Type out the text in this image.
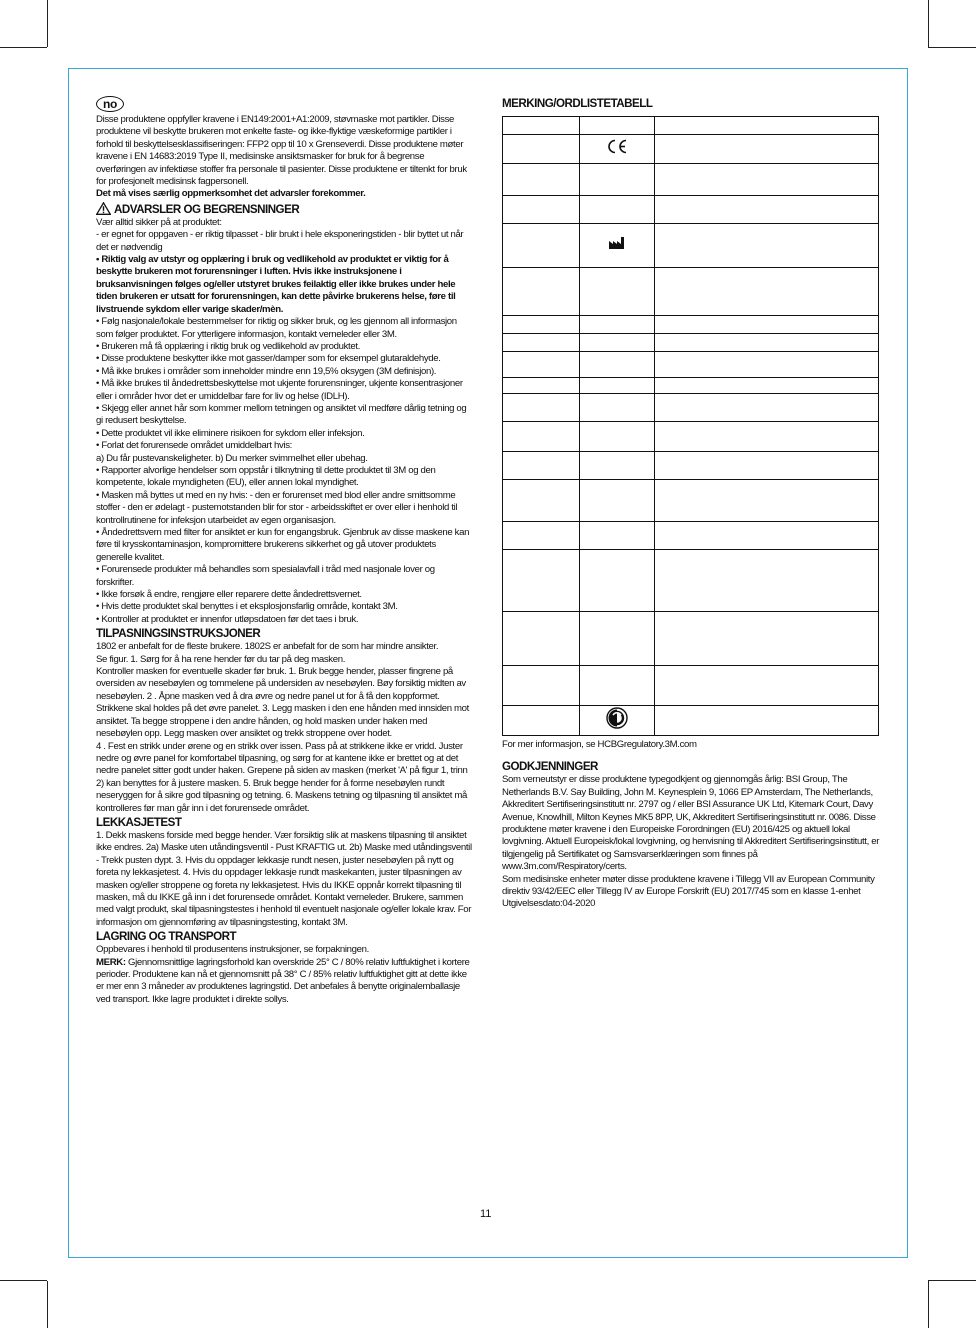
no

Disse produktene oppfyller kravene i EN149:2001+A1:2009, støvmaske mot partikler. Disse produktene vil beskytte brukeren mot enkelte faste- og ikke-flyktige væskeformige partikler i forhold til beskyttelsesklassifiseringen: FFP2 opp til 10 x Grenseverdi. Disse produktene møter kravene i EN 14683:2019 Type II, medisinske ansiktsmasker for bruk for å begrense overføringen av infektiøse stoffer fra personale til pasienter. Disse produktene er tiltenkt for bruk for profesjonelt medisinsk fagpersonell.

Det må vises særlig oppmerksomhet det advarsler forekommer.

ADVARSLER OG BEGRENSNINGER

Vær alltid sikker på at produktet:

- er egnet for oppgaven - er riktig tilpasset - blir brukt i hele eksponeringstiden - blir byttet ut når det er nødvendig

• Riktig valg av utstyr og opplæring i bruk og vedlikehold av produktet er viktig for å beskytte brukeren mot forurensninger i luften. Hvis ikke instruksjonene i bruksanvisningen følges og/eller utstyret brukes feilaktig eller ikke brukes under hele tiden brukeren er utsatt for forurensningen, kan dette påvirke brukerens helse, føre til livstruende sykdom eller varige skader/mèn.

• Følg nasjonale/lokale bestemmelser for riktig og sikker bruk, og les gjennom all informasjon som følger produktet. For ytterligere informasjon, kontakt verneleder eller 3M.

• Brukeren må få opplæring i riktig bruk og vedlikehold av produktet.

• Disse produktene beskytter ikke mot gasser/damper som for eksempel glutaraldehyde.

• Må ikke brukes i områder som inneholder mindre enn 19,5% oksygen (3M definisjon).

• Må ikke brukes til åndedrettsbeskyttelse mot ukjente forurensninger, ukjente konsentrasjoner eller i områder hvor det er umiddelbar fare for liv og helse (IDLH).

• Skjegg eller annet hår som kommer mellom tetningen og ansiktet vil medføre dårlig tetning og gi redusert beskyttelse.

• Dette produktet vil ikke eliminere risikoen for sykdom eller infeksjon.

• Forlat det forurensede området umiddelbart hvis:

a) Du får pustevanskeligheter. b) Du merker svimmelhet eller ubehag.

• Rapporter alvorlige hendelser som oppstår i tilknytning til dette produktet til 3M og den kompetente, lokale myndigheten (EU), eller annen lokal myndighet.

• Masken må byttes ut med en ny hvis: - den er forurenset med blod eller andre smittsomme stoffer - den er ødelagt - pustemotstanden blir for stor - arbeidsskiftet er over eller i henhold til kontrollrutinene for infeksjon utarbeidet av egen organisasjon.

• Åndedrettsvern med filter for ansiktet er kun for engangsbruk. Gjenbruk av disse maskene kan føre til krysskontaminasjon, kompromittere brukerens sikkerhet og gå utover produktets generelle kvalitet.

• Forurensede produkter må behandles som spesialavfall i tråd med nasjonale lover og forskrifter.

• Ikke forsøk å endre, rengjøre eller reparere dette åndedrettsvernet.

• Hvis dette produktet skal benyttes i et eksplosjonsfarlig område, kontakt 3M.

• Kontroller at produktet er innenfor utløpsdatoen før det taes i bruk.

TILPASNINGSINSTRUKSJONER

1802 er anbefalt for de fleste brukere. 1802S er anbefalt for de som har mindre ansikter.

Se figur. 1. Sørg for å ha rene hender før du tar på deg masken.

Kontroller masken for eventuelle skader før bruk. 1. Bruk begge hender, plasser fingrene på oversiden av nesebøylen og tommelene på undersiden av nesebøylen. Bøy forsiktig midten av nesebøylen. 2 . Åpne masken ved å dra øvre og nedre panel ut for å få den koppformet. Strikkene skal holdes på det øvre panelet. 3. Legg masken i den ene hånden med innsiden mot ansiktet. Ta begge stroppene i den andre hånden, og hold masken under haken med nesebøylen opp. Legg masken over ansiktet og trekk stroppene over hodet.

4 . Fest en strikk under ørene og en strikk over issen. Pass på at strikkene ikke er vridd. Juster nedre og øvre panel for komfortabel tilpasning, og sørg for at kantene ikke er brettet og at det nedre panelet sitter godt under haken. Grepene på siden av masken (merket 'A' på figur 1, trinn 2) kan benyttes for å justere masken. 5. Bruk begge hender for å forme nesebøylen rundt neseryggen for å sikre god tilpasning og tetning. 6. Maskens tetning og tilpasning til ansiktet må kontrolleres før man går inn i det forurensede området.

LEKKASJETEST

1. Dekk maskens forside med begge hender. Vær forsiktig slik at maskens tilpasning til ansiktet ikke endres. 2a) Maske uten utåndingsventil - Pust KRAFTIG ut. 2b) Maske med utåndingsventil - Trekk pusten dypt. 3. Hvis du oppdager lekkasje rundt nesen, juster nesebøylen på nytt og foreta ny lekkasjetest. 4. Hvis du oppdager lekkasje rundt maskekanten, juster tilpasningen av masken og/eller stroppene og foreta ny lekkasjetest. Hvis du IKKE oppnår korrekt tilpasning til masken, må du IKKE gå inn i det forurensede området. Kontakt verneleder. Brukere, sammen med valgt produkt, skal tilpasningstestes i henhold til eventuelt nasjonale og/eller lokale krav. For informasjon om gjennomføring av tilpasningstesting, kontakt 3M.

LAGRING OG TRANSPORT

Oppbevares i henhold til produsentens instruksjoner, se forpakningen.

MERK: Gjennomsnittlige lagringsforhold kan overskride 25° C / 80% relativ luftfuktighet i kortere perioder. Produktene kan nå et gjennomsnitt på 38° C / 85% relativ luftfuktighet gitt at dette ikke er mer enn 3 måneder av produktenes lagringstid. Det anbefales å benytte originalemballasje ved transport. Ikke lagre produktet i direkte sollys.

MERKING/ORDLISTETABELL

For mer informasjon, se HCBGregulatory.3M.com

GODKJENNINGER

Som verneutstyr er disse produktene typegodkjent og gjennomgås årlig: BSI Group, The Netherlands B.V. Say Building, John M. Keynesplein 9, 1066 EP Amsterdam, The Netherlands, Akkreditert Sertifiseringsinstitutt nr. 2797 og / eller BSI Assurance UK Ltd, Kitemark Court, Davy Avenue, Knowlhill, Milton Keynes MK5 8PP, UK, Akkreditert Sertifiseringsinstitutt nr. 0086. Disse produktene møter kravene i den Europeiske Forordningen (EU) 2016/425 og aktuell lokal lovgivning. Aktuell Europeisk/lokal lovgivning, og henvisning til Akkreditert Sertifiseringsinstitutt, er tilgjengelig på Sertifikatet og Samsvarserklæringen som finnes på www.3m.com/Respiratory/certs.

Som medisinske enheter møter disse produktene kravene i Tillegg VII av European Community direktiv 93/42/EEC eller Tillegg IV av Europe Forskrift (EU) 2017/745 som en klasse 1-enhet

Utgivelsesdato:04-2020

11
